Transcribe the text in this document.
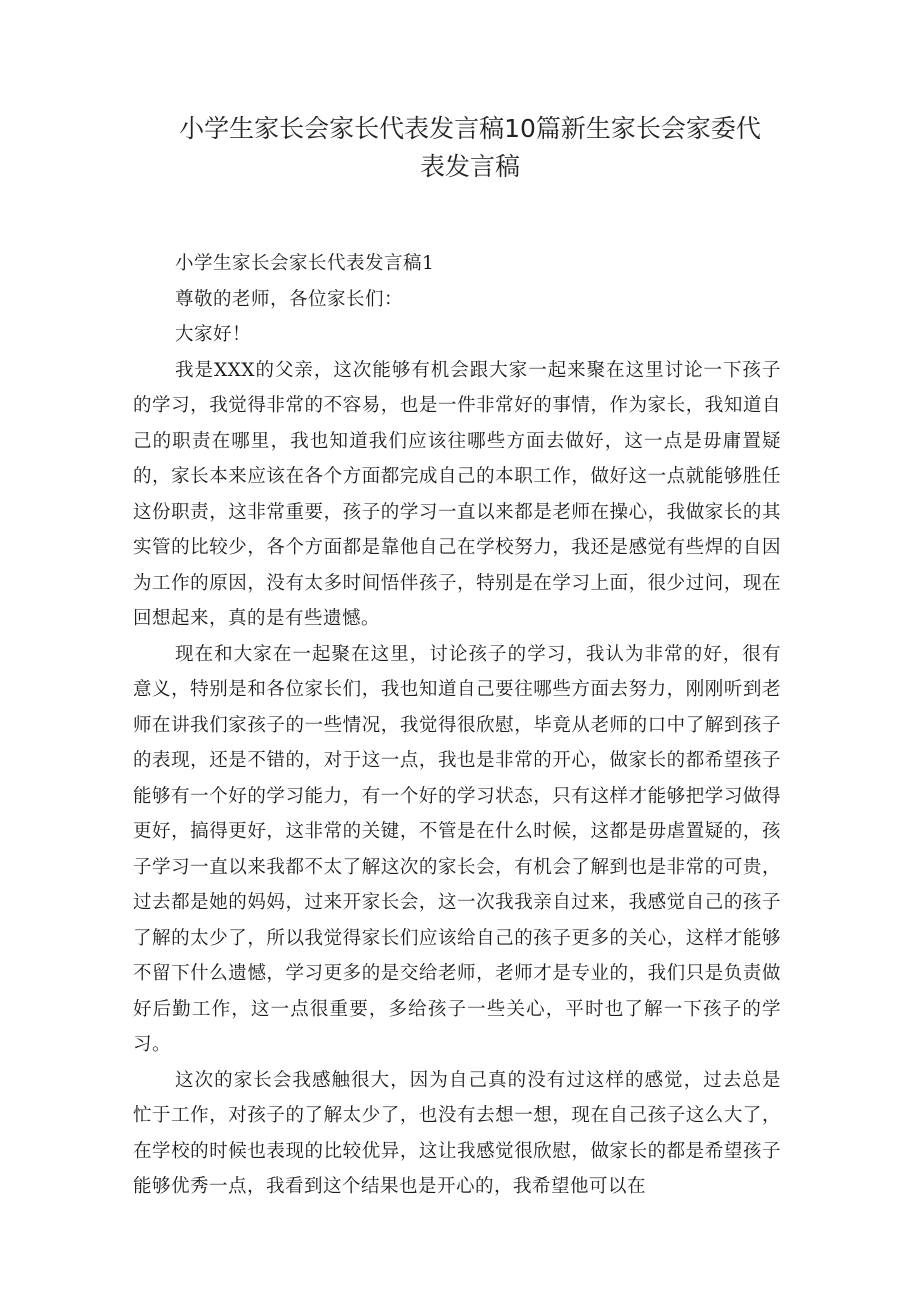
小学生家长会家长代表发言稿10篇新生家长会家委代表发言稿

小学生家长会家长代表发言稿1

尊敬的老师，各位家长们：

大家好！

我是XXX的父亲，这次能够有机会跟大家一起来聚在这里讨论一下孩子的学习，我觉得非常的不容易，也是一件非常好的事情，作为家长，我知道自己的职责在哪里，我也知道我们应该往哪些方面去做好，这一点是毋庸置疑的，家长本来应该在各个方面都完成自己的本职工作，做好这一点就能够胜任这份职责，这非常重要，孩子的学习一直以来都是老师在操心，我做家长的其实管的比较少，各个方面都是靠他自己在学校努力，我还是感觉有些焊的自因为工作的原因，没有太多时间悟伴孩子，特别是在学习上面，很少过问，现在回想起来，真的是有些遗憾。

现在和大家在一起聚在这里，讨论孩子的学习，我认为非常的好，很有意义，特别是和各位家长们，我也知道自己要往哪些方面去努力，刚刚听到老师在讲我们家孩子的一些情况，我觉得很欣慰，毕竟从老师的口中了解到孩子的表现，还是不错的，对于这一点，我也是非常的开心，做家长的都希望孩子能够有一个好的学习能力，有一个好的学习状态，只有这样才能够把学习做得更好，搞得更好，这非常的关键，不管是在什么时候，这都是毋虐置疑的，孩子学习一直以来我都不太了解这次的家长会，有机会了解到也是非常的可贵，过去都是她的妈妈，过来开家长会，这一次我我亲自过来，我感觉自己的孩子了解的太少了，所以我觉得家长们应该给自己的孩子更多的关心，这样才能够不留下什么遗憾，学习更多的是交给老师，老师才是专业的，我们只是负责做好后勤工作，这一点很重要，多给孩子一些关心，平时也了解一下孩子的学习。

这次的家长会我感触很大，因为自己真的没有过这样的感觉，过去总是忙于工作，对孩子的了解太少了，也没有去想一想，现在自己孩子这么大了，在学校的时候也表现的比较优异，这让我感觉很欣慰，做家长的都是希望孩子能够优秀一点，我看到这个结果也是开心的，我希望他可以在
